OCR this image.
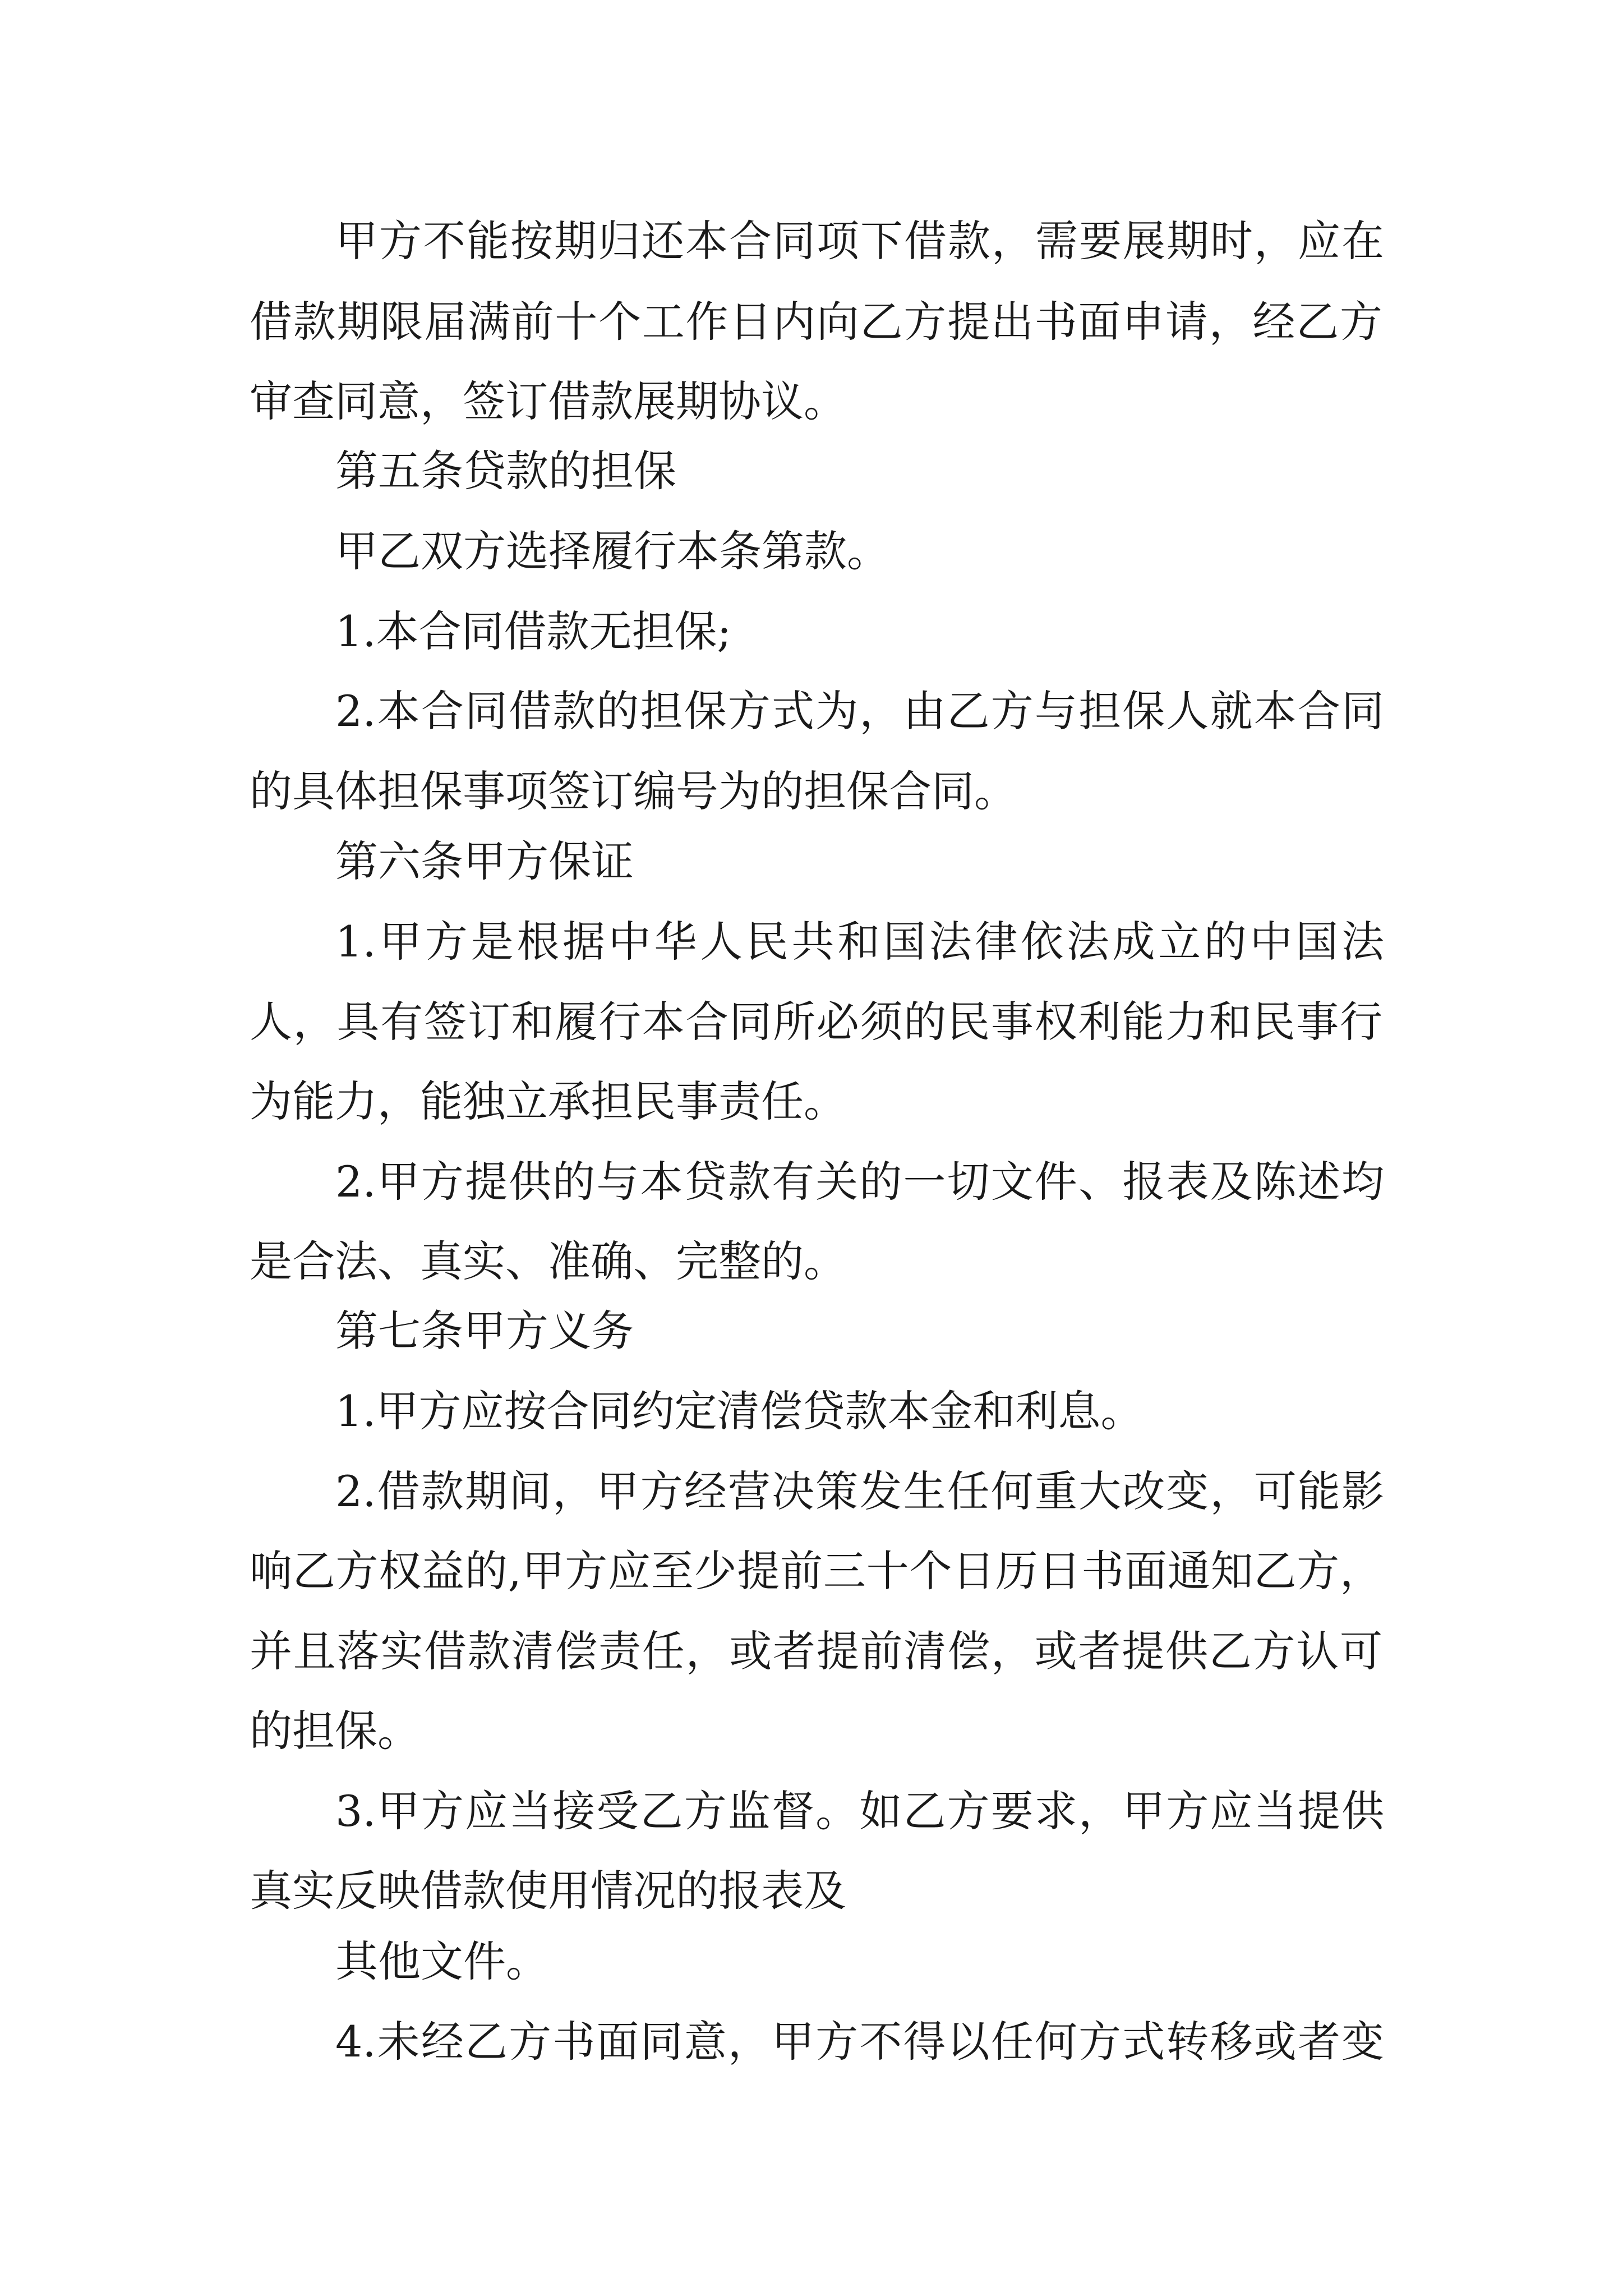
甲方不能按期归还本合同项下借款，需要展期时，应在
借款期限届满前十个工作日内向乙方提出书面申请，经乙方
审查同意，签订借款展期协议。
第五条贷款的担保
甲乙双方选择履行本条第款。
1.本合同借款无担保;
2.本合同借款的担保方式为，由乙方与担保人就本合同
的具体担保事项签订编号为的担保合同。
第六条甲方保证
1.甲方是根据中华人民共和国法律依法成立的中国法
人，具有签订和履行本合同所必须的民事权利能力和民事行
为能力，能独立承担民事责任。
2.甲方提供的与本贷款有关的一切文件、报表及陈述均
是合法、真实、准确、完整的。
第七条甲方义务
1.甲方应按合同约定清偿贷款本金和利息。
2.借款期间，甲方经营决策发生任何重大改变，可能影
响乙方权益的,甲方应至少提前三十个日历日书面通知乙方，
并且落实借款清偿责任，或者提前清偿，或者提供乙方认可
的担保。
3.甲方应当接受乙方监督。如乙方要求，甲方应当提供
真实反映借款使用情况的报表及
其他文件。
4.未经乙方书面同意，甲方不得以任何方式转移或者变
